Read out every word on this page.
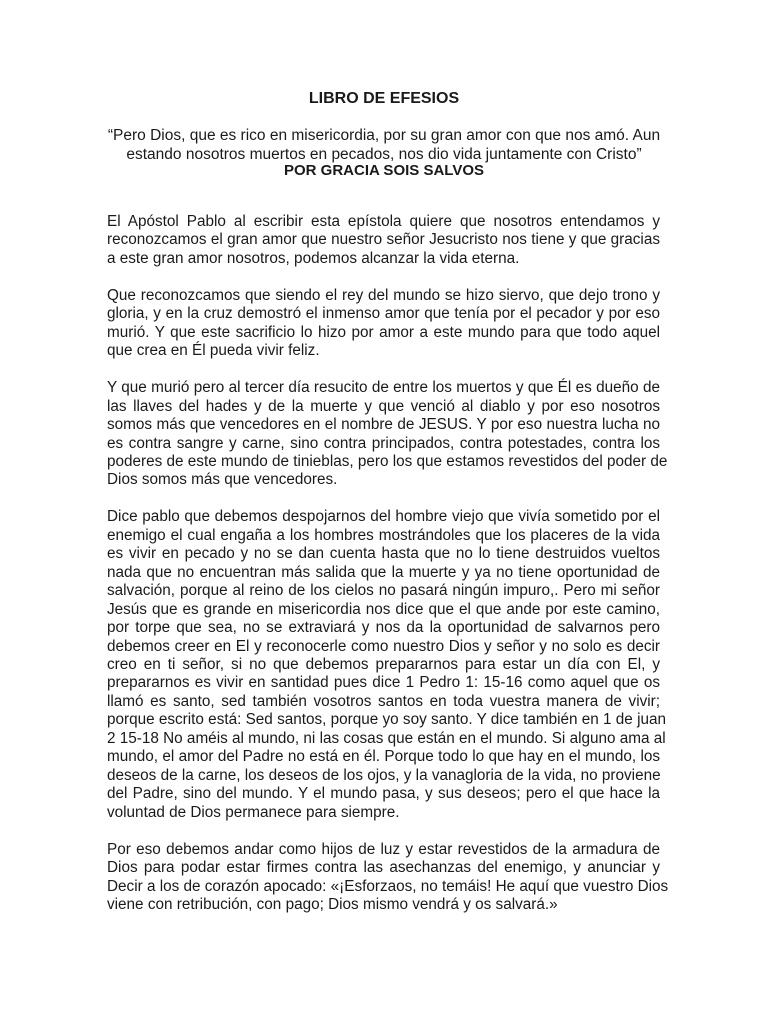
LIBRO DE EFESIOS
“Pero Dios, que es rico en misericordia, por su gran amor con que nos amó. Aun
estando nosotros muertos en pecados, nos dio vida juntamente con Cristo”
POR GRACIA SOIS SALVOS
El Apóstol Pablo al escribir esta epístola quiere que nosotros entendamos y
reconozcamos el gran amor que nuestro señor Jesucristo nos tiene y que gracias
a este gran amor nosotros, podemos alcanzar la vida eterna.
Que reconozcamos que siendo el rey del mundo se hizo siervo, que dejo trono y
gloria, y en la cruz demostró el inmenso amor que tenía por el pecador y por eso
murió. Y que este sacrificio lo hizo por amor a este mundo para que todo aquel
que crea en Él pueda vivir feliz.
Y que murió pero al tercer día resucito de entre los muertos y que Él es dueño de
las llaves del hades y de la muerte y que venció al diablo y por eso nosotros
somos más que vencedores en el nombre de JESUS. Y por eso nuestra lucha no
es contra sangre y carne, sino contra principados, contra potestades, contra los
poderes de este mundo de tinieblas, pero los que estamos revestidos del poder de
Dios somos más que vencedores.
Dice pablo que debemos despojarnos del hombre viejo que vivía sometido por el
enemigo el cual engaña a los hombres mostrándoles que los placeres de la vida
es vivir en pecado y no se dan cuenta hasta que no lo tiene destruidos vueltos
nada que no encuentran más salida que la muerte y ya no tiene oportunidad de
salvación, porque al reino de los cielos no pasará ningún impuro,. Pero mi señor
Jesús que es grande en misericordia nos dice que el que ande por este camino,
por torpe que sea, no se extraviará y nos da la oportunidad de salvarnos pero
debemos creer en El y reconocerle como nuestro Dios y señor y no solo es decir
creo en ti señor, si no que debemos prepararnos para estar un día con El, y
prepararnos es vivir en santidad pues dice 1 Pedro 1: 15-16 como aquel que os
llamó es santo, sed también vosotros santos en toda vuestra manera de vivir;
porque escrito está: Sed santos, porque yo soy santo. Y dice también en 1 de juan
2 15-18 No améis al mundo, ni las cosas que están en el mundo. Si alguno ama al
mundo, el amor del Padre no está en él. Porque todo lo que hay en el mundo, los
deseos de la carne, los deseos de los ojos, y la vanagloria de la vida, no proviene
del Padre, sino del mundo. Y el mundo pasa, y sus deseos; pero el que hace la
voluntad de Dios permanece para siempre.
Por eso debemos andar como hijos de luz y estar revestidos de la armadura de
Dios para podar estar firmes contra las asechanzas del enemigo, y anunciar y
Decir a los de corazón apocado: «¡Esforzaos, no temáis! He aquí que vuestro Dios
viene con retribución, con pago; Dios mismo vendrá y os salvará.»
